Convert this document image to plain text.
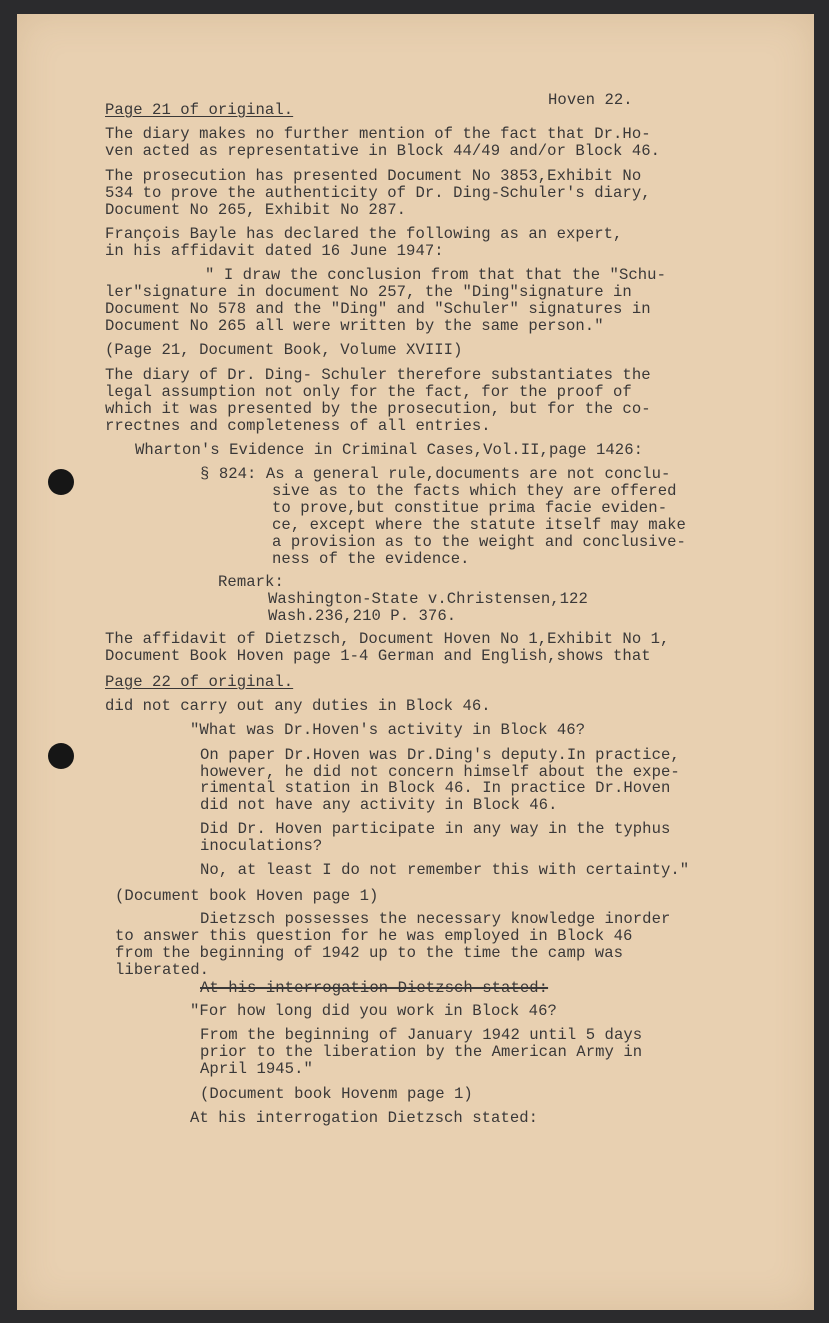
Page 21 of original.
Hoven 22.
The diary makes no further mention of the fact that Dr.Ho-
ven acted as representative in Block 44/49 and/or Block 46.
The prosecution has presented Document No 3853,Exhibit No
534 to prove the authenticity of Dr. Ding-Schuler's diary,
Document No 265, Exhibit No 287.
François Bayle has declared the following as an expert,
in his affidavit dated 16 June 1947:
" I draw the conclusion from that that the "Schu-
ler"signature in document No 257, the "Ding"signature in
Document No 578 and the "Ding" and "Schuler" signatures in
Document No 265 all were written by the same person."
(Page 21, Document Book, Volume XVIII)
The diary of Dr. Ding- Schuler therefore substantiates the
legal assumption not only for the fact, for the proof of
which it was presented by the prosecution, but for the co-
rrectnes and completeness of all entries.
Wharton's Evidence in Criminal Cases,Vol.II,page 1426:
§ 824: As a general rule,documents are not conclu-
sive as to the facts which they are offered
to prove,but constitue prima facie eviden-
ce, except where the statute itself may make
a provision as to the weight and conclusive-
ness of the evidence.
Remark:
Washington-State v.Christensen,122
Wash.236,210 P. 376.
The affidavit of Dietzsch, Document Hoven No 1,Exhibit No 1,
Document Book Hoven page 1-4 German and English,shows that
Page 22 of original.
did not carry out any duties in Block 46.
"What was Dr.Hoven's activity in Block 46?
On paper Dr.Hoven was Dr.Ding's deputy.In practice,
however, he did not concern himself about the expe-
rimental station in Block 46. In practice Dr.Hoven
did not have any activity in Block 46.
Did Dr. Hoven participate in any way in the typhus
inoculations?
No, at least I do not remember this with certainty."
(Document book Hoven page 1)
Dietzsch possesses the necessary knowledge inorder
to answer this question for he was employed in Block 46
from the beginning of 1942 up to the time the camp was
liberated.
At his interrogation Dietzsch stated:
"For how long did you work in Block 46?
From the beginning of January 1942 until 5 days
prior to the liberation by the American Army in
April 1945."
(Document book Hovenm page 1)
At his interrogation Dietzsch stated:
